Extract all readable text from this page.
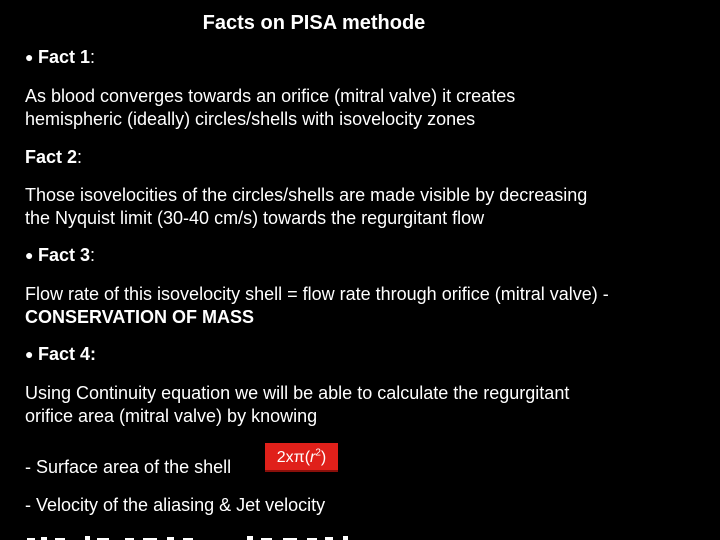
Facts on PISA methode
● Fact 1:
As blood converges towards an orifice (mitral valve) it creates
hemispheric (ideally) circles/shells with isovelocity zones
Fact 2:
Those isovelocities of the circles/shells are made visible by decreasing
the Nyquist limit (30-40 cm/s) towards the regurgitant flow
● Fact 3:
Flow rate of this isovelocity shell = flow rate through orifice (mitral valve) -
CONSERVATION OF MASS
● Fact 4:
Using Continuity equation we will be able to calculate the regurgitant
orifice area (mitral valve) by knowing
- Surface area of the shell	$2x\pi(r^2)$
- Velocity of the aliasing & Jet velocity
